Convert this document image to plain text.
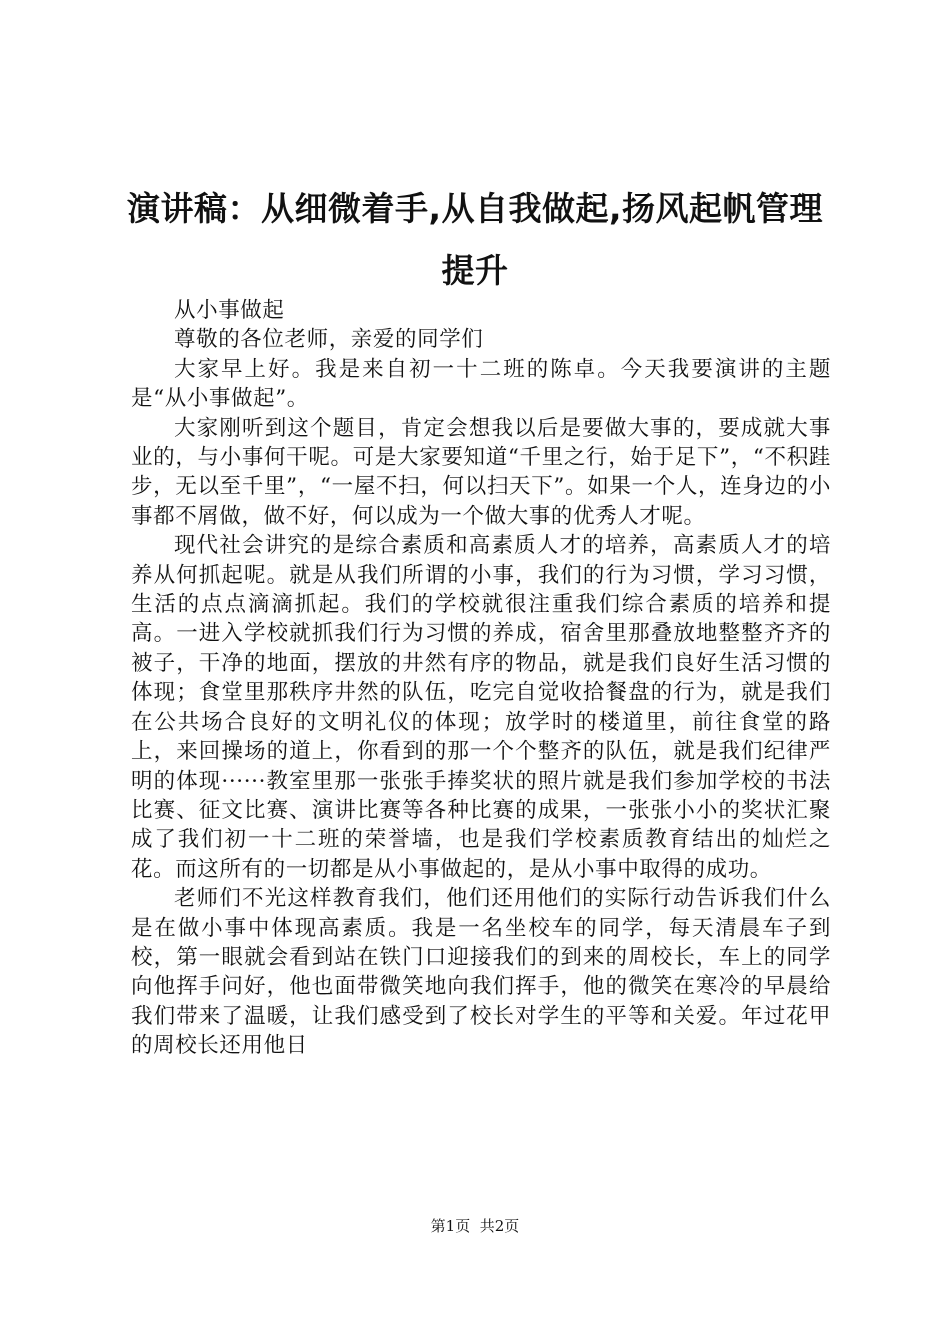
演讲稿：从细微着手,从自我做起,扬风起帆管理提升

从小事做起

尊敬的各位老师，亲爱的同学们

大家早上好。我是来自初一十二班的陈卓。今天我要演讲的主题是“从小事做起”。

大家刚听到这个题目，肯定会想我以后是要做大事的，要成就大事业的，与小事何干呢。可是大家要知道“千里之行，始于足下”，“不积跬步，无以至千里”，“一屋不扫，何以扫天下”。如果一个人，连身边的小事都不屑做，做不好，何以成为一个做大事的优秀人才呢。

现代社会讲究的是综合素质和高素质人才的培养，高素质人才的培养从何抓起呢。就是从我们所谓的小事，我们的行为习惯，学习习惯，生活的点点滴滴抓起。我们的学校就很注重我们综合素质的培养和提高。一进入学校就抓我们行为习惯的养成，宿舍里那叠放地整整齐齐的被子，干净的地面，摆放的井然有序的物品，就是我们良好生活习惯的体现；食堂里那秩序井然的队伍，吃完自觉收拾餐盘的行为，就是我们在公共场合良好的文明礼仪的体现；放学时的楼道里，前往食堂的路上，来回操场的道上，你看到的那一个个整齐的队伍，就是我们纪律严明的体现······教室里那一张张手捧奖状的照片就是我们参加学校的书法比赛、征文比赛、演讲比赛等各种比赛的成果，一张张小小的奖状汇聚成了我们初一十二班的荣誉墙，也是我们学校素质教育结出的灿烂之花。而这所有的一切都是从小事做起的，是从小事中取得的成功。

老师们不光这样教育我们，他们还用他们的实际行动告诉我们什么是在做小事中体现高素质。我是一名坐校车的同学，每天清晨车子到校，第一眼就会看到站在铁门口迎接我们的到来的周校长，车上的同学向他挥手问好，他也面带微笑地向我们挥手，他的微笑在寒冷的早晨给我们带来了温暖，让我们感受到了校长对学生的平等和关爱。年过花甲的周校长还用他日

第1页 共2页
